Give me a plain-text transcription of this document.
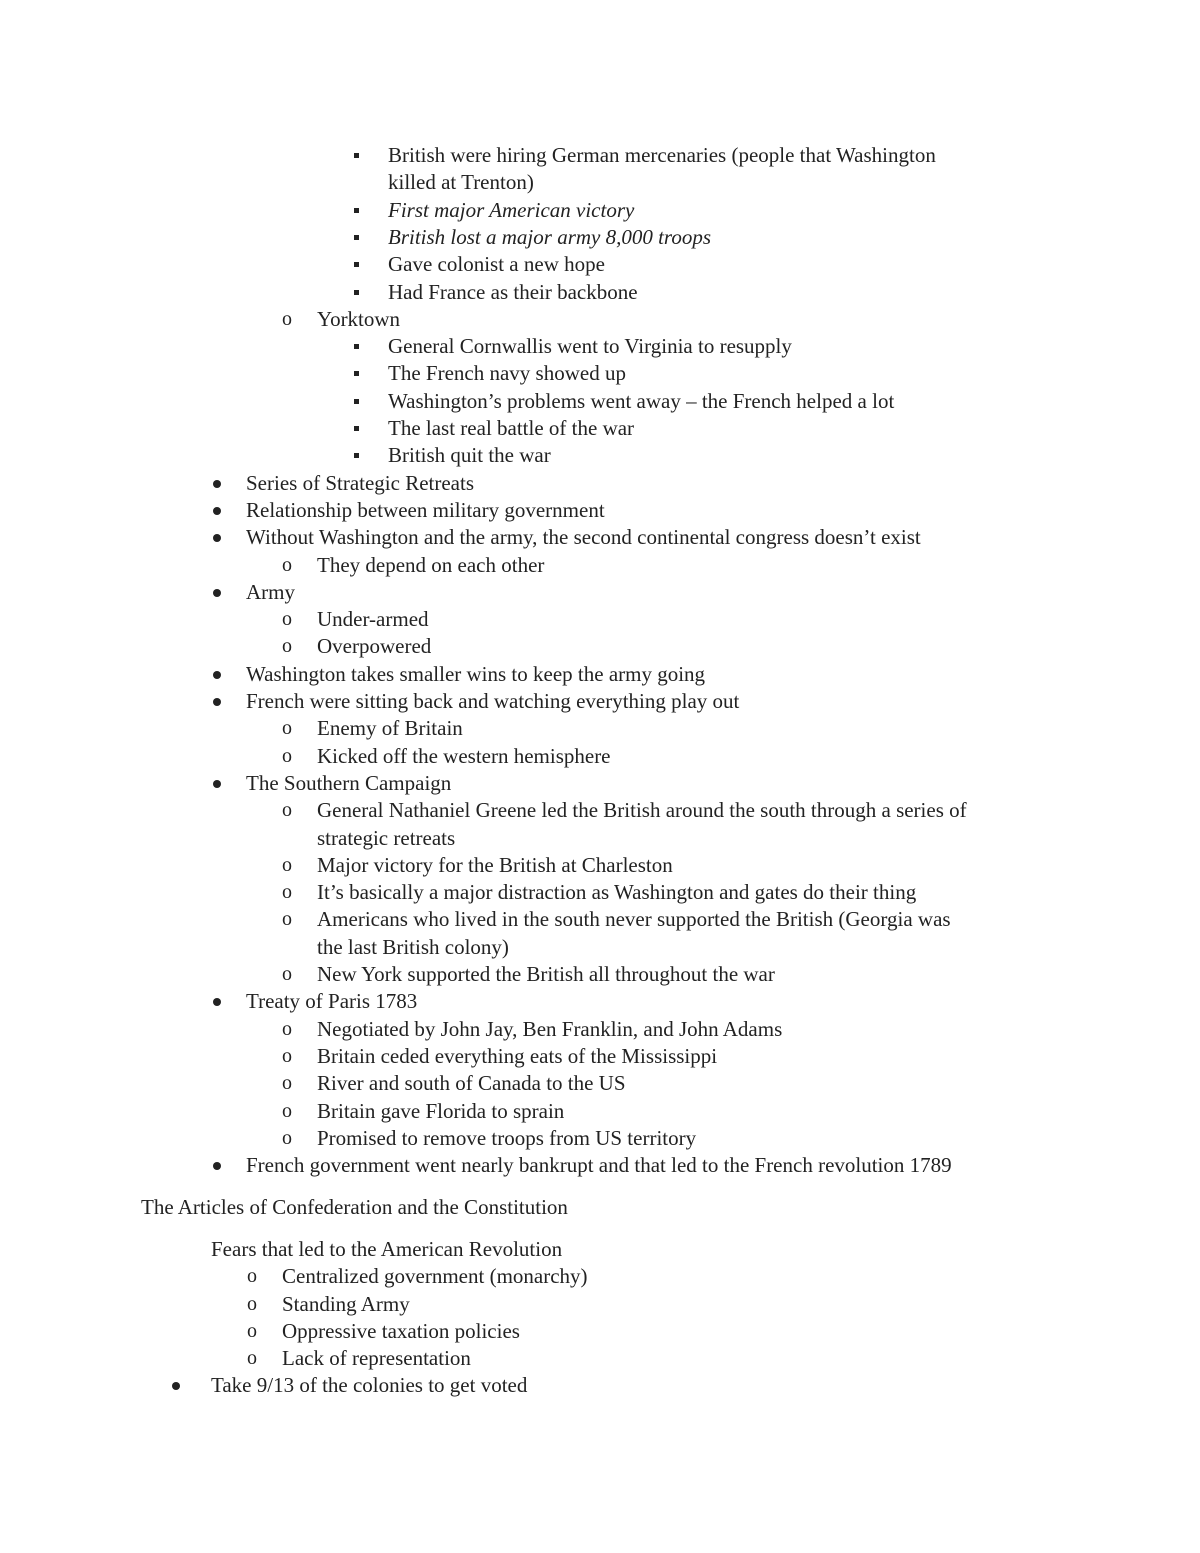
British were hiring German mercenaries (people that Washington
killed at Trenton)
First major American victory
British lost a major army 8,000 troops
Gave colonist a new hope
Had France as their backbone
o Yorktown
General Cornwallis went to Virginia to resupply
The French navy showed up
Washington’s problems went away – the French helped a lot
The last real battle of the war
British quit the war
Series of Strategic Retreats
Relationship between military government
Without Washington and the army, the second continental congress doesn’t exist
o They depend on each other
Army
o Under-armed
o Overpowered
Washington takes smaller wins to keep the army going
French were sitting back and watching everything play out
o Enemy of Britain
o Kicked off the western hemisphere
The Southern Campaign
o General Nathaniel Greene led the British around the south through a series of
strategic retreats
o Major victory for the British at Charleston
o It’s basically a major distraction as Washington and gates do their thing
o Americans who lived in the south never supported the British (Georgia was
the last British colony)
o New York supported the British all throughout the war
Treaty of Paris 1783
o Negotiated by John Jay, Ben Franklin, and John Adams
o Britain ceded everything eats of the Mississippi
o River and south of Canada to the US
o Britain gave Florida to sprain
o Promised to remove troops from US territory
French government went nearly bankrupt and that led to the French revolution 1789
The Articles of Confederation and the Constitution
Fears that led to the American Revolution
o Centralized government (monarchy)
o Standing Army
o Oppressive taxation policies
o Lack of representation
Take 9/13 of the colonies to get voted
